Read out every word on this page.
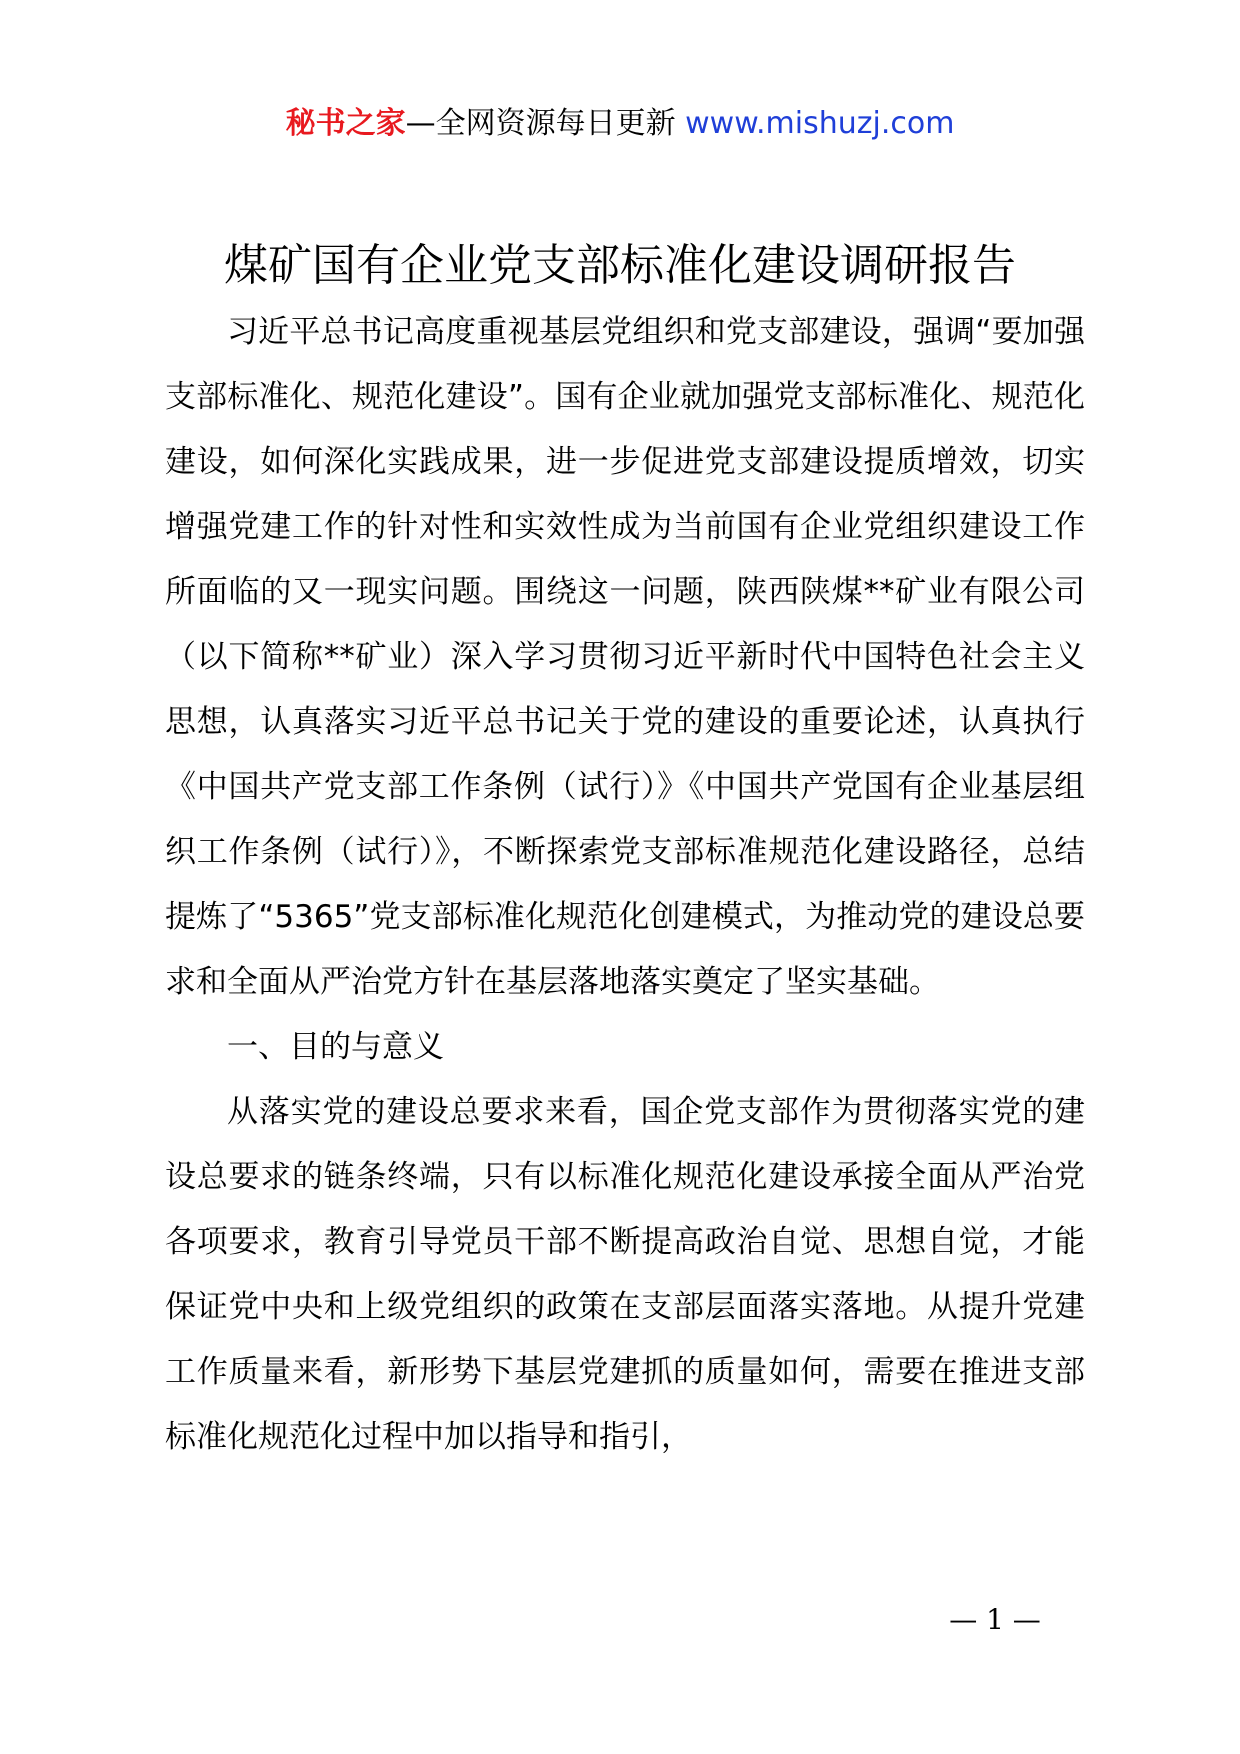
秘书之家—全网资源每日更新 www.mishuzj.com
煤矿国有企业党支部标准化建设调研报告

习近平总书记高度重视基层党组织和党支部建设，强调“要加强支部标准化、规范化建设”。国有企业就加强党支部标准化、规范化建设，如何深化实践成果，进一步促进党支部建设提质增效，切实增强党建工作的针对性和实效性成为当前国有企业党组织建设工作所面临的又一现实问题。围绕这一问题，陕西陕煤**矿业有限公司（以下简称**矿业）深入学习贯彻习近平新时代中国特色社会主义思想，认真落实习近平总书记关于党的建设的重要论述，认真执行《中国共产党支部工作条例（试行）》《中国共产党国有企业基层组织工作条例（试行）》，不断探索党支部标准规范化建设路径，总结提炼了“5365”党支部标准化规范化创建模式，为推动党的建设总要求和全面从严治党方针在基层落地落实奠定了坚实基础。

一、目的与意义

从落实党的建设总要求来看，国企党支部作为贯彻落实党的建设总要求的链条终端，只有以标准化规范化建设承接全面从严治党各项要求，教育引导党员干部不断提高政治自觉、思想自觉，才能保证党中央和上级党组织的政策在支部层面落实落地。从提升党建工作质量来看，新形势下基层党建抓的质量如何，需要在推进支部标准化规范化过程中加以指导和指引，

— 1 —
